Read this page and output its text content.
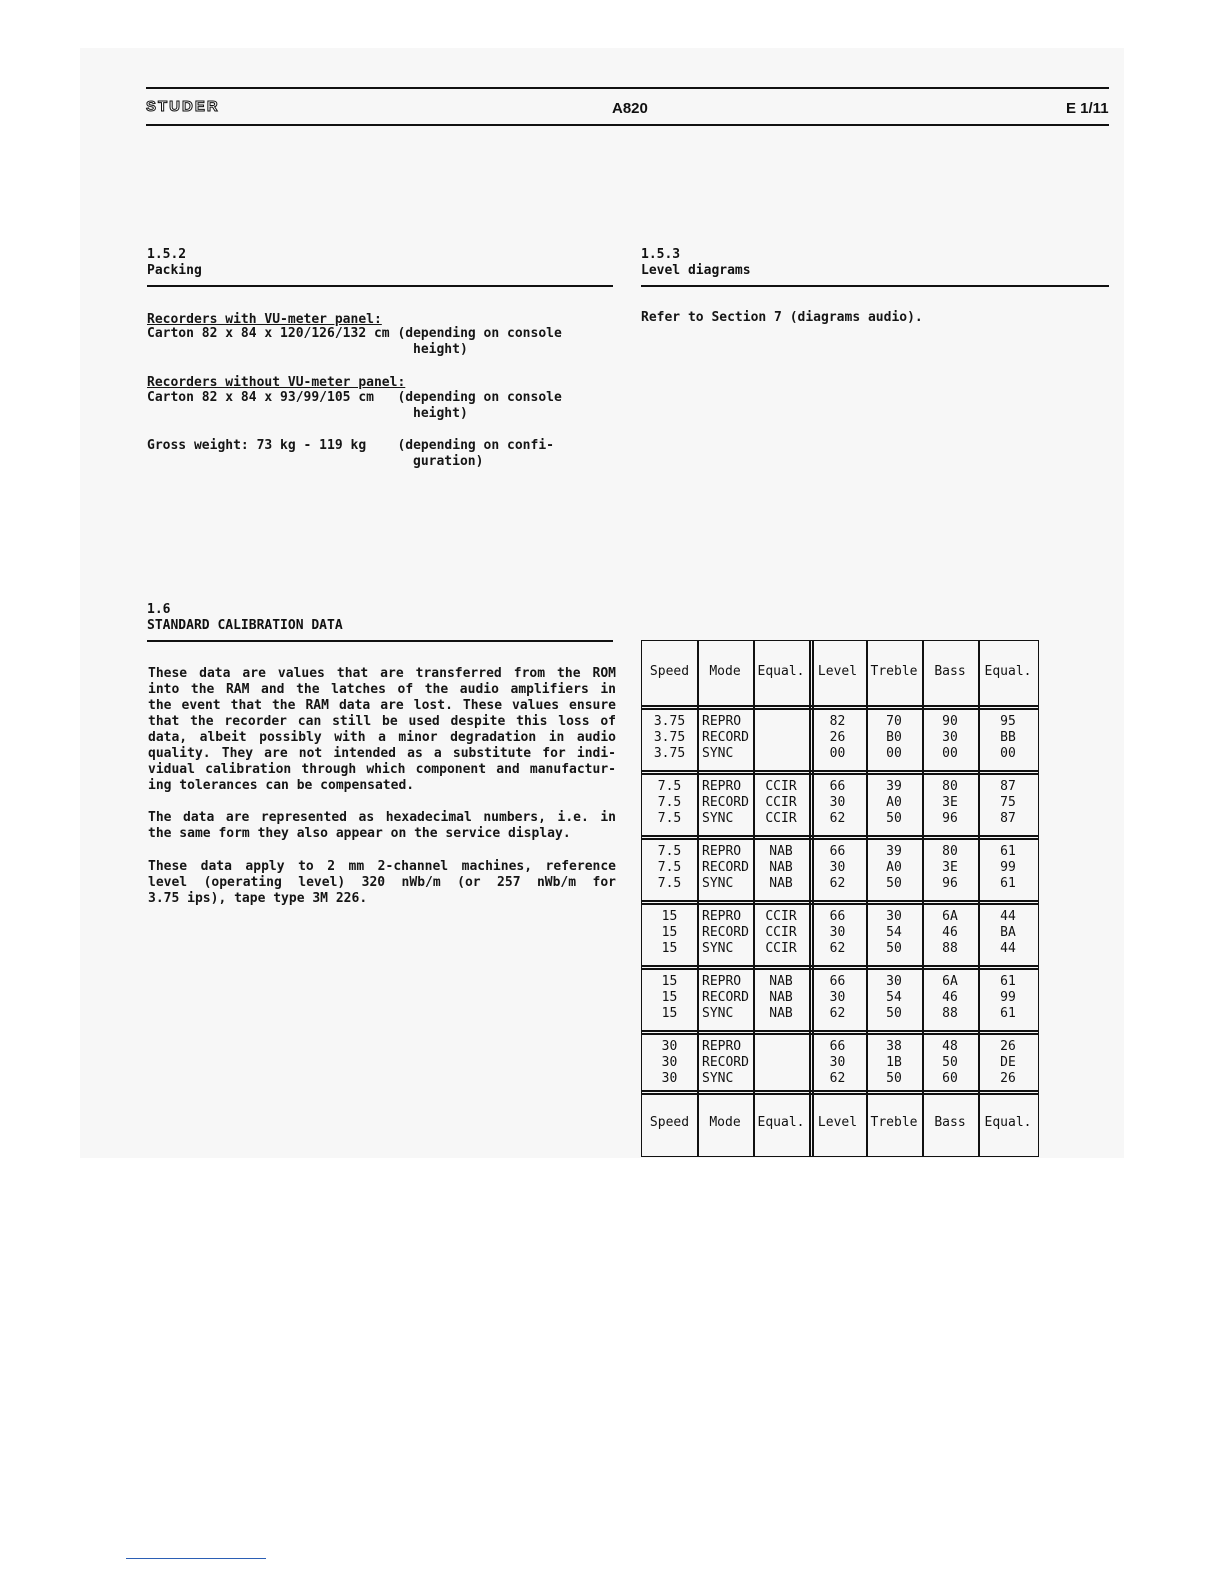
STUDER	A820	E 1/11
1.5.2
Packing
Recorders with VU-meter panel:
Carton 82 x 84 x 120/126/132 cm (depending on console
height)
Recorders without VU-meter panel:
Carton 82 x 84 x 93/99/105 cm   (depending on console
height)
Gross weight: 73 kg - 119 kg    (depending on confi-
guration)
1.5.3
Level diagrams
Refer to Section 7 (diagrams audio).
1.6
STANDARD CALIBRATION DATA
These data are values that are transferred from the ROM
into the RAM and the latches of the audio amplifiers in
the event that the RAM data are lost. These values ensure
that the recorder can still be used despite this loss of
data, albeit possibly with a minor degradation in audio
quality. They are not intended as a substitute for indi-
vidual calibration through which component and manufactur-
ing tolerances can be compensated.
The data are represented as hexadecimal numbers, i.e. in
the same form they also appear on the service display.
These data apply to 2 mm 2-channel machines, reference
level (operating level) 320 nWb/m (or 257 nWb/m for
3.75 ips), tape type 3M 226.
Speed
Speed
Mode
Mode
Equal.
Equal.
Level
Level
Treble
Treble
Bass
Bass
Equal.
Equal.
3.75
3.75
3.75
REPRO
RECORD
SYNC
82
26
00
70
B0
00
90
30
00
95
BB
00
7.5
7.5
7.5
REPRO
RECORD
SYNC
CCIR
CCIR
CCIR
66
30
62
39
A0
50
80
3E
96
87
75
87
7.5
7.5
7.5
REPRO
RECORD
SYNC
NAB
NAB
NAB
66
30
62
39
A0
50
80
3E
96
61
99
61
15
15
15
REPRO
RECORD
SYNC
CCIR
CCIR
CCIR
66
30
62
30
54
50
6A
46
88
44
BA
44
15
15
15
REPRO
RECORD
SYNC
NAB
NAB
NAB
66
30
62
30
54
50
6A
46
88
61
99
61
30
30
30
REPRO
RECORD
SYNC
66
30
62
38
1B
50
48
50
60
26
DE
26
